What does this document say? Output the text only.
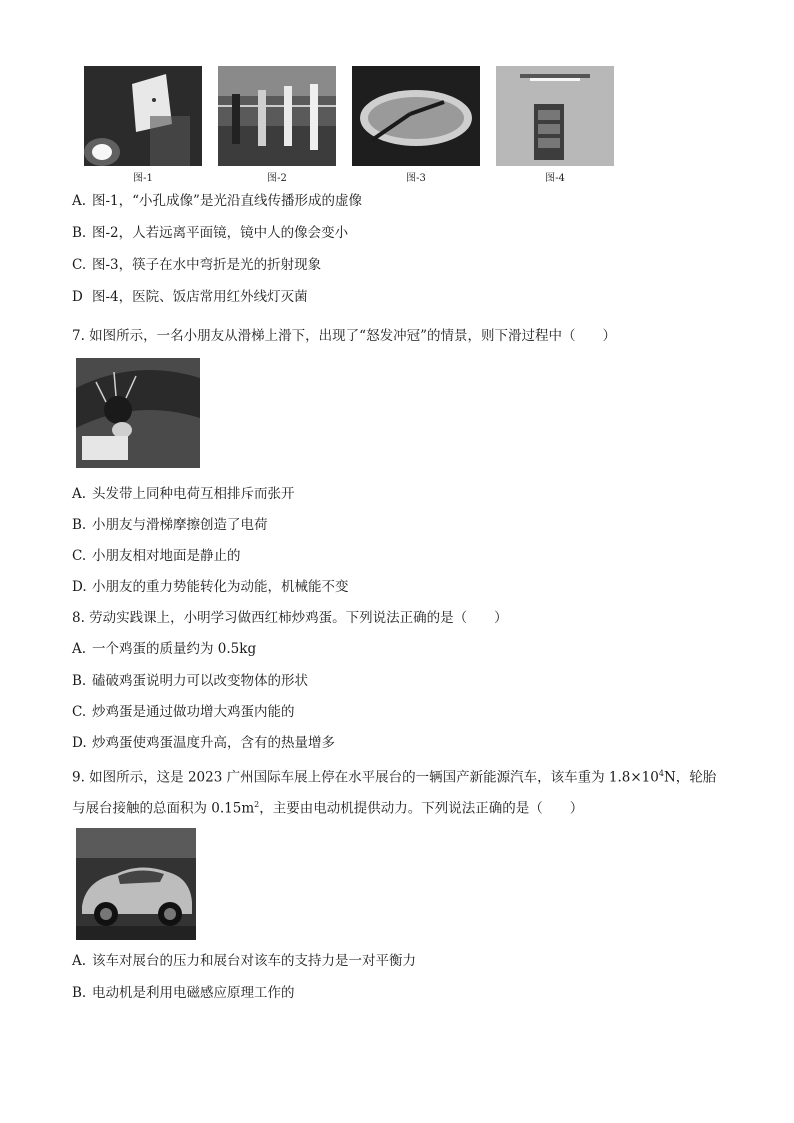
图-1	图-2	图-3	图-4
A. 图-1，“小孔成像”是光沿直线传播形成的虚像
B. 图-2，人若远离平面镜，镜中人的像会变小
C. 图-3，筷子在水中弯折是光的折射现象
D 图-4，医院、饭店常用红外线灯灭菌
7. 如图所示，一名小朋友从滑梯上滑下，出现了“怒发冲冠”的情景，则下滑过程中（　　）
A. 头发带上同种电荷互相排斥而张开
B. 小朋友与滑梯摩擦创造了电荷
C. 小朋友相对地面是静止的
D. 小朋友的重力势能转化为动能，机械能不变
8. 劳动实践课上，小明学习做西红柿炒鸡蛋。下列说法正确的是（　　）
A. 一个鸡蛋的质量约为 0.5kg
B. 磕破鸡蛋说明力可以改变物体的形状
C. 炒鸡蛋是通过做功增大鸡蛋内能的
D. 炒鸡蛋使鸡蛋温度升高，含有的热量增多
9. 如图所示，这是 2023 广州国际车展上停在水平展台的一辆国产新能源汽车，该车重为 $1.8\times 10^4N$，轮胎
与展台接触的总面积为 $0.15m^2$，主要由电动机提供动力。下列说法正确的是（　　）
A. 该车对展台的压力和展台对该车的支持力是一对平衡力
B. 电动机是利用电磁感应原理工作的
